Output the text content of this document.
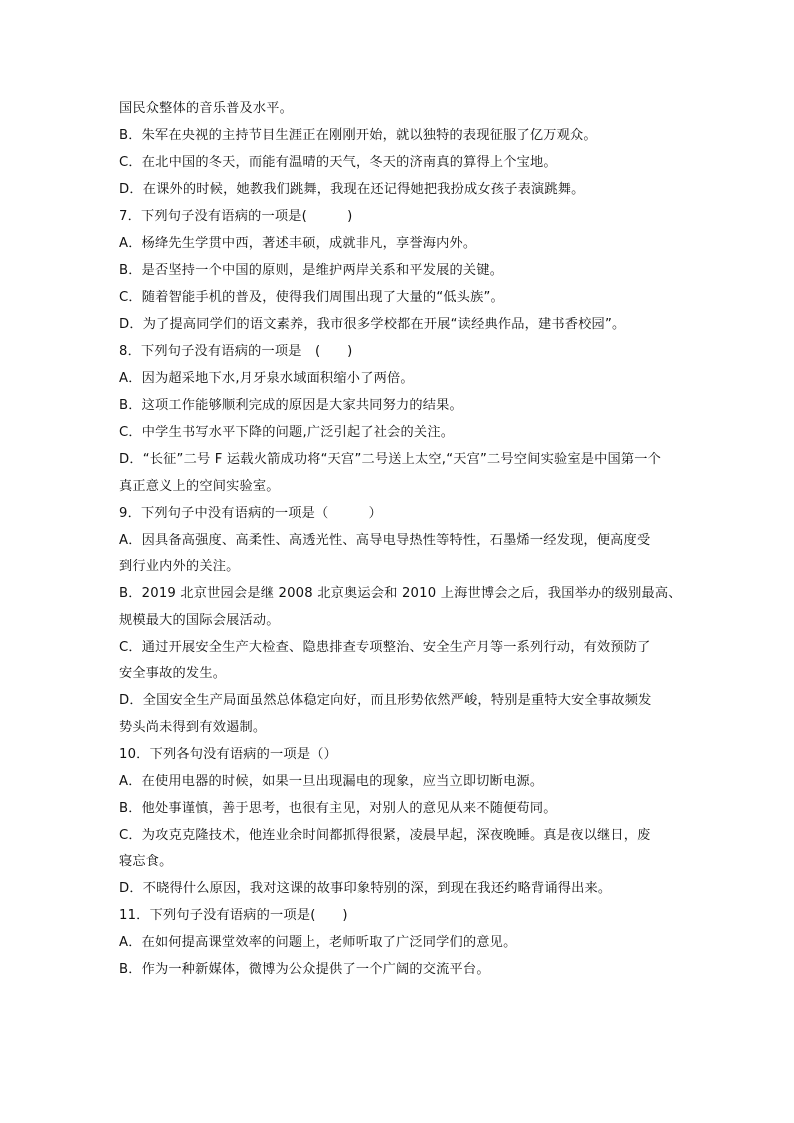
国民众整体的音乐普及水平。
B．朱军在央视的主持节目生涯正在刚刚开始，就以独特的表现征服了亿万观众。
C．在北中国的冬天，而能有温晴的天气，冬天的济南真的算得上个宝地。
D．在课外的时候，她教我们跳舞，我现在还记得她把我扮成女孩子表演跳舞。
7．下列句子没有语病的一项是(　　　)
A．杨绛先生学贯中西，著述丰硕，成就非凡，享誉海内外。
B．是否坚持一个中国的原则，是维护两岸关系和平发展的关键。
C．随着智能手机的普及，使得我们周围出现了大量的“低头族”。
D．为了提高同学们的语文素养，我市很多学校都在开展“读经典作品，建书香校园”。
8．下列句子没有语病的一项是　(　　)
A．因为超采地下水,月牙泉水域面积缩小了两倍。
B．这项工作能够顺利完成的原因是大家共同努力的结果。
C．中学生书写水平下降的问题,广泛引起了社会的关注。
D．“长征”二号 F 运载火箭成功将“天宫”二号送上太空,“天宫”二号空间实验室是中国第一个
真正意义上的空间实验室。
9．下列句子中没有语病的一项是（　　　）
A．因具备高强度、高柔性、高透光性、高导电导热性等特性，石墨烯一经发现，便高度受
到行业内外的关注。
B．2019 北京世园会是继 2008 北京奥运会和 2010 上海世博会之后，我国举办的级别最高、
规模最大的国际会展活动。
C．通过开展安全生产大检查、隐患排查专项整治、安全生产月等一系列行动，有效预防了
安全事故的发生。
D．全国安全生产局面虽然总体稳定向好，而且形势依然严峻，特别是重特大安全事故频发
势头尚未得到有效遏制。
10．下列各句没有语病的一项是（）
A．在使用电器的时候，如果一旦出现漏电的现象，应当立即切断电源。
B．他处事谨慎，善于思考，也很有主见，对别人的意见从来不随便苟同。
C．为攻克克隆技术，他连业余时间都抓得很紧，凌晨早起，深夜晚睡。真是夜以继日，废
寝忘食。
D．不晓得什么原因，我对这课的故事印象特别的深，到现在我还约略背诵得出来。
11．下列句子没有语病的一项是(　　)
A．在如何提高课堂效率的问题上，老师听取了广泛同学们的意见。
B．作为一种新媒体，微博为公众提供了一个广阔的交流平台。
